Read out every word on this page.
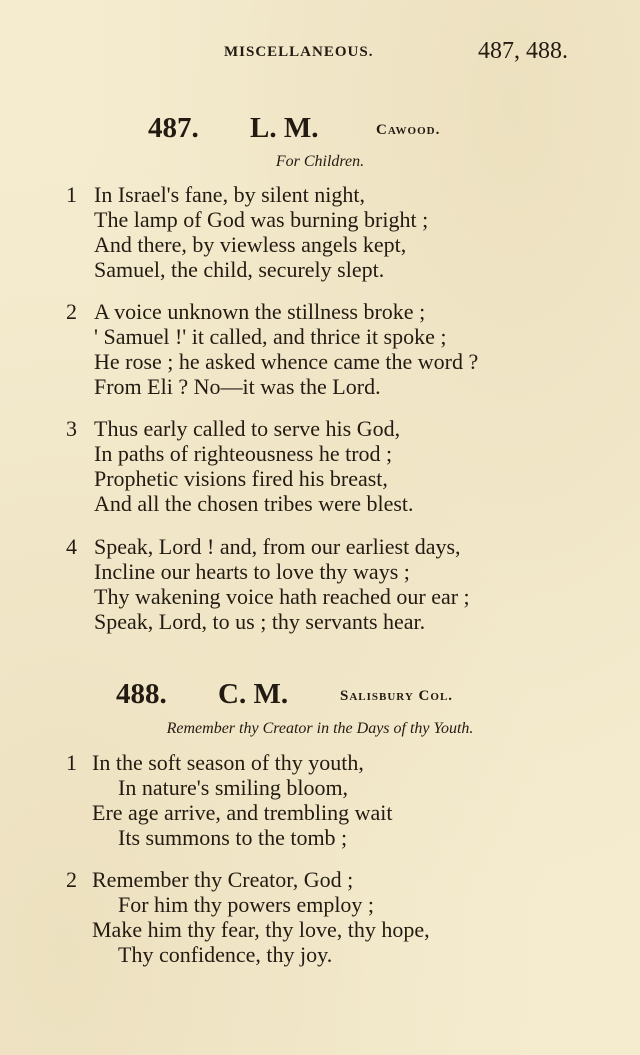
MISCELLANEOUS.	487, 488.
487. L. M.	Cawood.
For Children.
1 In Israel's fane, by silent night,
The lamp of God was burning bright ;
And there, by viewless angels kept,
Samuel, the child, securely slept.
2 A voice unknown the stillness broke ;
' Samuel !' it called, and thrice it spoke ;
He rose ; he asked whence came the word ?
From Eli ? No—it was the Lord.
3 Thus early called to serve his God,
In paths of righteousness he trod ;
Prophetic visions fired his breast,
And all the chosen tribes were blest.
4 Speak, Lord ! and, from our earliest days,
Incline our hearts to love thy ways ;
Thy wakening voice hath reached our ear ;
Speak, Lord, to us ; thy servants hear.
488. C. M.	Salisbury Col.
Remember thy Creator in the Days of thy Youth.
1 In the soft season of thy youth,
In nature's smiling bloom,
Ere age arrive, and trembling wait
Its summons to the tomb ;
2 Remember thy Creator, God ;
For him thy powers employ ;
Make him thy fear, thy love, thy hope,
Thy confidence, thy joy.
